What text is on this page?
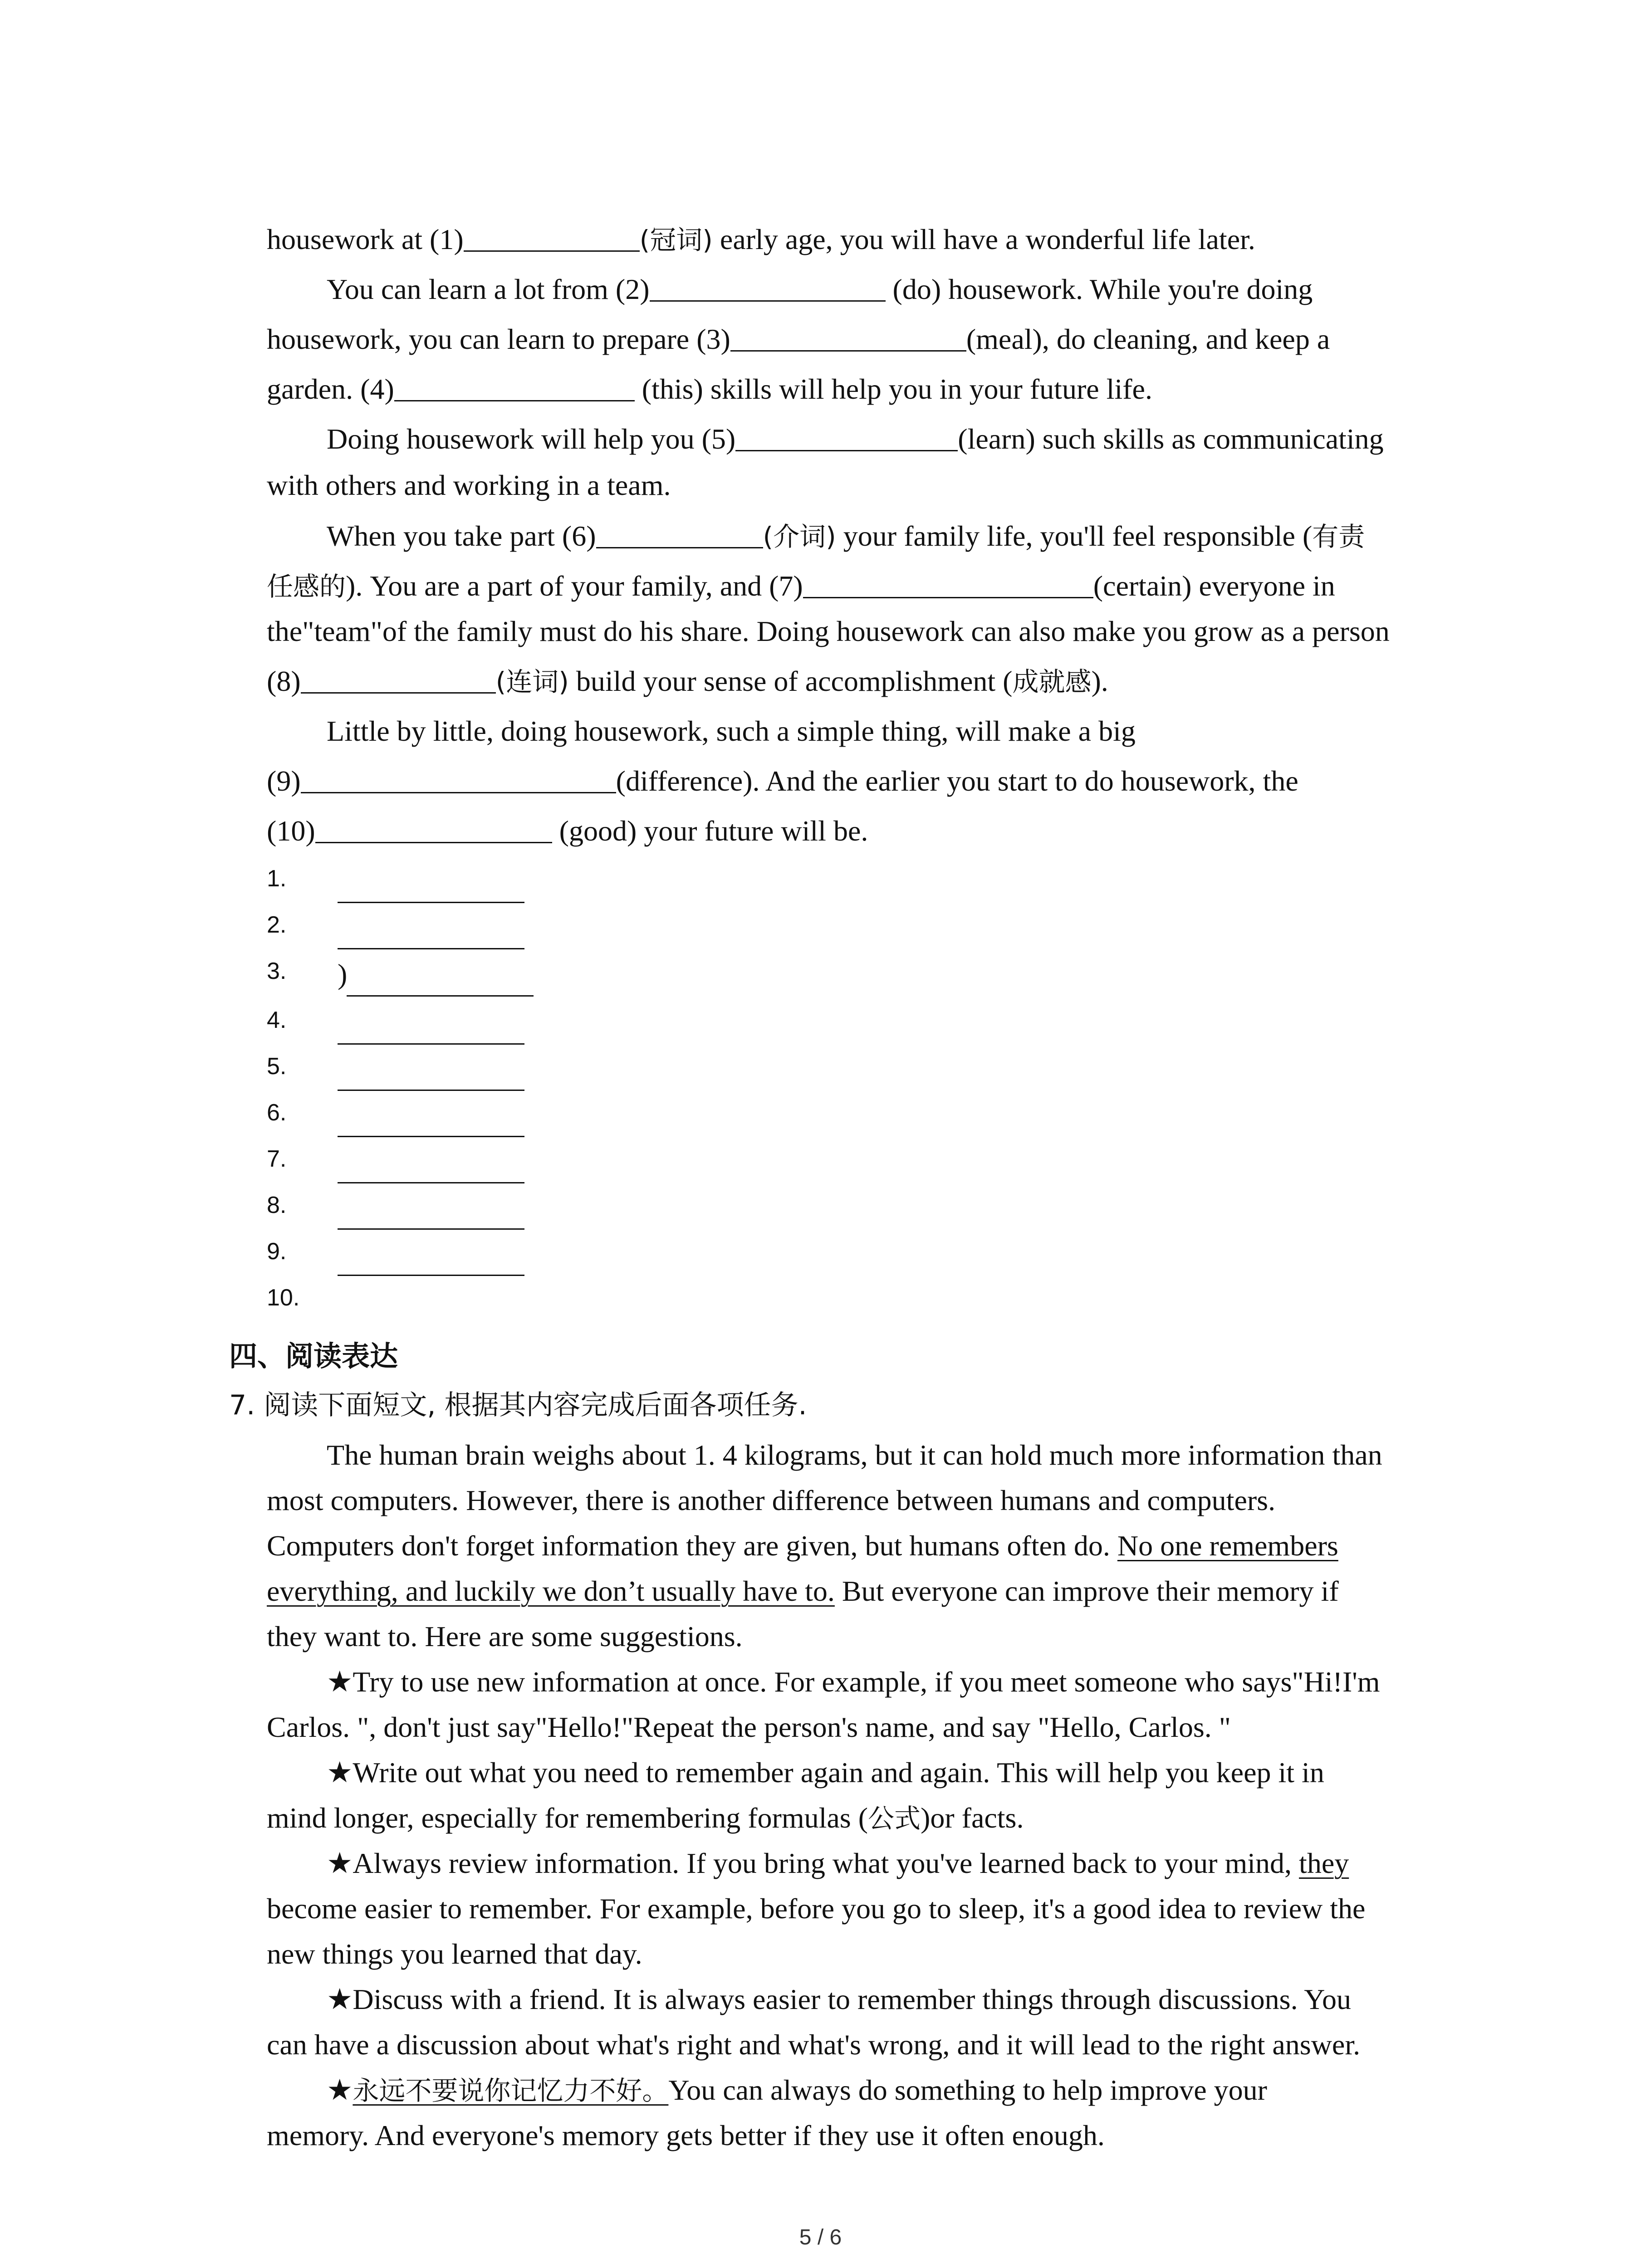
housework at (1)	(冠词) early age, you will have a wonderful life later.
You can learn a lot from (2)	(do) housework. While you're doing
housework, you can learn to prepare (3)	(meal), do cleaning, and keep a
garden. (4)	(this) skills will help you in your future life.
Doing housework will help you (5)	(learn) such skills as communicating
with others and working in a team.
When you take part (6)	(介词) your family life, you'll feel responsible (有责
任感的). You are a part of your family, and (7)	(certain) everyone in
the"team"of the family must do his share. Doing housework can also make you grow as a person
(8)	(连词) build your sense of accomplishment (成就感).
Little by little, doing housework, such a simple thing, will make a big
(9)	(difference). And the earlier you start to do housework, the
(10)	(good) your future will be.
1.
2.
3. )
4.
5.
6.
7.
8.
9.
10.
四、阅读表达
7. 阅读下面短文, 根据其内容完成后面各项任务.
The human brain weighs about 1. 4 kilograms, but it can hold much more information than
most computers. However, there is another difference between humans and computers.
Computers don't forget information they are given, but humans often do. No one remembers
everything, and luckily we don’t usually have to. But everyone can improve their memory if
they want to. Here are some suggestions.
★Try to use new information at once. For example, if you meet someone who says"Hi!I'm
Carlos. ", don't just say"Hello!"Repeat the person's name, and say "Hello, Carlos. "
★Write out what you need to remember again and again. This will help you keep it in
mind longer, especially for remembering formulas (公式)or facts.
★Always review information. If you bring what you've learned back to your mind, they
become easier to remember. For example, before you go to sleep, it's a good idea to review the
new things you learned that day.
★Discuss with a friend. It is always easier to remember things through discussions. You
can have a discussion about what's right and what's wrong, and it will lead to the right answer.
★永远不要说你记忆力不好。You can always do something to help improve your
memory. And everyone's memory gets better if they use it often enough.
5 / 6
